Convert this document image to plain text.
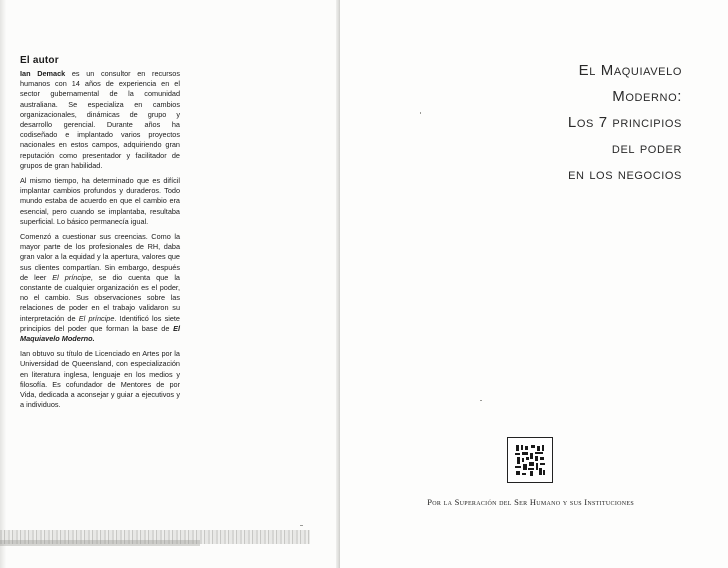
El autor

Ian Demack es un consultor en recursos humanos con 14 años de experiencia en el sector gubernamental de la comunidad australiana. Se especializa en cambios organizacionales, dinámicas de grupo y desarrollo gerencial. Durante años ha codiseñado e implantado varios proyectos nacionales en estos campos, adquiriendo gran reputación como presentador y facilitador de grupos de gran habilidad.

Al mismo tiempo, ha determinado que es difícil implantar cambios profundos y duraderos. Todo mundo estaba de acuerdo en que el cambio era esencial, pero cuando se implantaba, resultaba superficial. Lo básico permanecía igual.

Comenzó a cuestionar sus creencias. Como la mayor parte de los profesionales de RH, daba gran valor a la equidad y la apertura, valores que sus clientes compartían. Sin embargo, después de leer El príncipe, se dio cuenta que la constante de cualquier organización es el poder, no el cambio. Sus observaciones sobre las relaciones de poder en el trabajo validaron su interpretación de El príncipe. Identificó los siete principios del poder que forman la base de El Maquiavelo Moderno.

Ian obtuvo su título de Licenciado en Artes por la Universidad de Queensland, con especialización en literatura inglesa, lenguaje en los medios y filosofía. Es cofundador de Mentores de por Vida, dedicada a aconsejar y guiar a ejecutivos y a individuos.

El Maquiavelo
Moderno:
Los 7 principios
del poder
en los negocios
Por la Superación del Ser Humano y sus Instituciones
